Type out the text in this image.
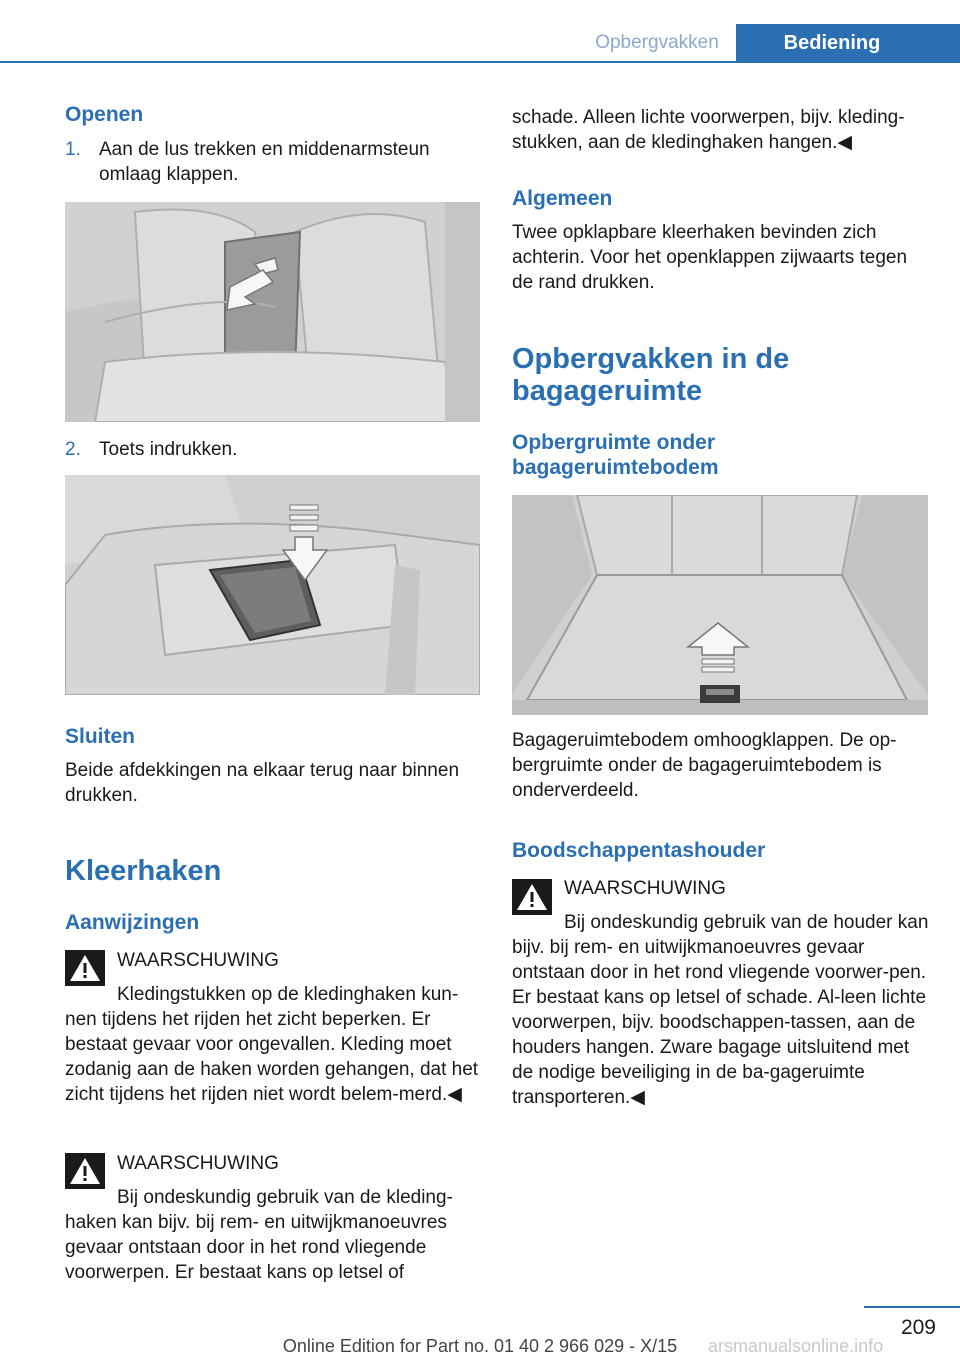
Opbergvakken	Bediening
Openen
1. Aan de lus trekken en middenarmsteun omlaag klappen.
2. Toets indrukken.
Sluiten
Beide afdekkingen na elkaar terug naar binnen drukken.
Kleerhaken
Aanwijzingen
WAARSCHUWING
Kledingstukken op de kledinghaken kun-nen tijdens het rijden het zicht beperken. Er bestaat gevaar voor ongevallen. Kleding moet zodanig aan de haken worden gehangen, dat het zicht tijdens het rijden niet wordt belem-merd.◀
WAARSCHUWING
Bij ondeskundig gebruik van de kleding-haken kan bijv. bij rem- en uitwijkmanoeuvres gevaar ontstaan door in het rond vliegende voorwerpen. Er bestaat kans op letsel of
schade. Alleen lichte voorwerpen, bijv. kleding-stukken, aan de kledinghaken hangen.◀
Algemeen
Twee opklapbare kleerhaken bevinden zich achterin. Voor het openklappen zijwaarts tegen de rand drukken.
Opbergvakken in de bagageruimte
Opbergruimte onder bagageruimtebodem
Bagageruimtebodem omhoogklappen. De op-bergruimte onder de bagageruimtebodem is onderverdeeld.
Boodschappentashouder
WAARSCHUWING
Bij ondeskundig gebruik van de houder kan bijv. bij rem- en uitwijkmanoeuvres gevaar ontstaan door in het rond vliegende voorwer-pen. Er bestaat kans op letsel of schade. Al-leen lichte voorwerpen, bijv. boodschappen-tassen, aan de houders hangen. Zware bagage uitsluitend met de nodige beveiliging in de ba-gageruimte transporteren.◀
209
Online Edition for Part no. 01 40 2 966 029 - X/15	arsmanualsonline.info
